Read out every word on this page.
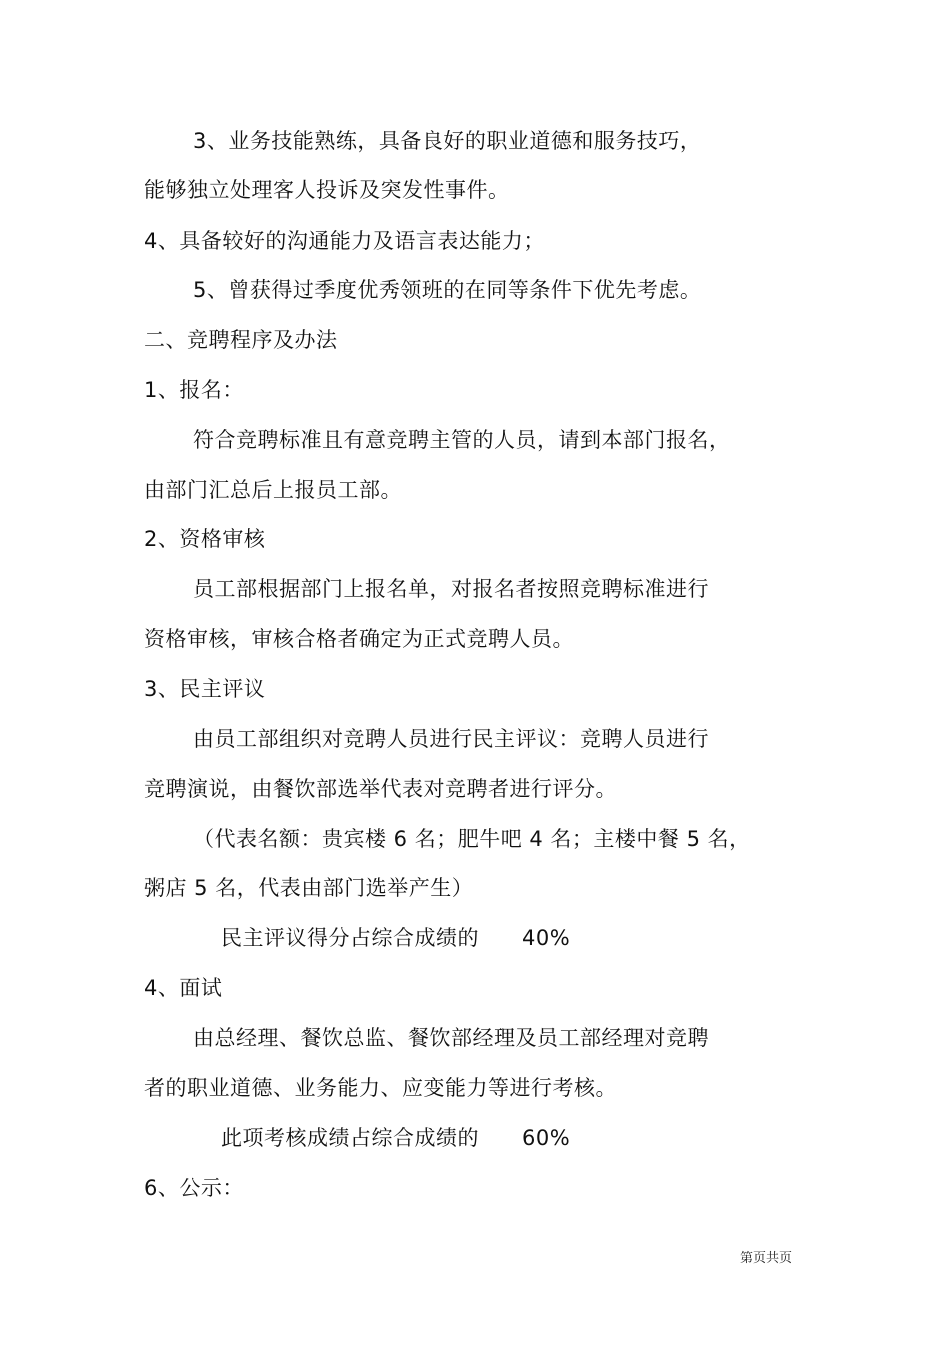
3、业务技能熟练，具备良好的职业道德和服务技巧，
能够独立处理客人投诉及突发性事件。
4、具备较好的沟通能力及语言表达能力；
5、曾获得过季度优秀领班的在同等条件下优先考虑。
二、竞聘程序及办法
1、报名：
符合竞聘标准且有意竞聘主管的人员，请到本部门报名，
由部门汇总后上报员工部。
2、资格审核
员工部根据部门上报名单，对报名者按照竞聘标准进行
资格审核，审核合格者确定为正式竞聘人员。
3、民主评议
由员工部组织对竞聘人员进行民主评议：竞聘人员进行
竞聘演说，由餐饮部选举代表对竞聘者进行评分。
（代表名额：贵宾楼 6 名；肥牛吧 4 名；主楼中餐 5 名，
粥店 5 名，代表由部门选举产生）
民主评议得分占综合成绩的      40%
4、面试
由总经理、餐饮总监、餐饮部经理及员工部经理对竞聘
者的职业道德、业务能力、应变能力等进行考核。
此项考核成绩占综合成绩的      60%
6、公示：
第页共页
